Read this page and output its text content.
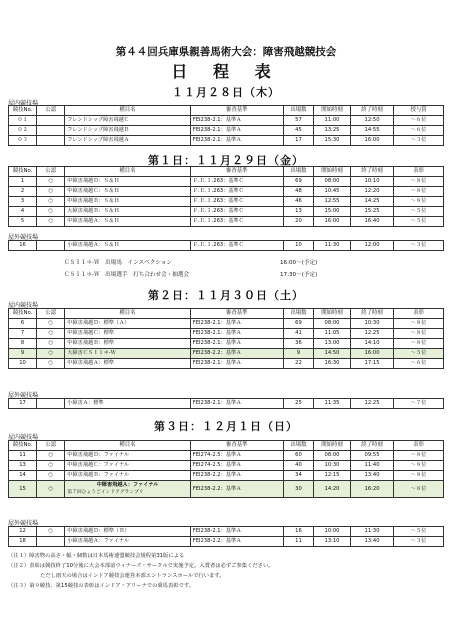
第４４回兵庫県親善馬術大会：障害飛越競技会
日 程 表
１１月２８日（木）
屋内競技場
競技No.	公認	種目名	審査基準	出場数	開始時刻	終了時刻	授与賞
０１		フレンドシップ障害飛越Ｃ	FEI238-2.1：基準Ａ	57	11:00	12:50	～６位
０２		フレンドシップ障害飛越Ｂ	FEI238-2.1：基準Ａ	45	13:25	14:55	～６位
０３		フレンドシップ障害飛越Ａ	FEI238-2.1：基準Ａ	17	15:30	16:00	～３位
第１日：１１月２９日（金）
競技No.	公認	種目名	審査基準	出場数	開始時刻	終了時刻	表彰
1	○	中障害飛越Ｄ：Ｓ＆Ｈ	Ｆ.Ｅ.Ｉ.263：基準Ｃ	69	08:00	10:10	～８位
2	○	中障害飛越Ｃ：Ｓ＆Ｈ	Ｆ.Ｅ.Ｉ.263：基準Ｃ	48	10:45	12:20	～８位
3	○	中障害飛越Ｂ：Ｓ＆Ｈ	Ｆ.Ｅ.Ｉ.263：基準Ｃ	46	12:55	14:25	～８位
4	○	大障害飛越Ｂ：Ｓ＆Ｈ	Ｆ.Ｅ.Ｉ.263：基準Ｃ	13	15:00	15:25	～５位
5	○	中障害飛越Ａ：Ｓ＆Ｈ	Ｆ.Ｅ.Ｉ.263：基準Ｃ	20	16:00	16:40	～５位
屋外競技場
16		小障害飛越Ａ：Ｓ＆Ｈ	Ｆ.Ｅ.Ｉ.263：基準Ｃ	10	11:30	12:00	～３位
ＣＳＩ１＊-Ｗ　出場馬　インスペクション	16:00～(予定)
ＣＳＩ１＊-Ｗ　出場選手　打ち合わせ会・抽選会	17:30～(予定)
第２日：１１月３０日（土）
屋内競技場
競技No.	公認	種目名	審査基準	出場数	開始時刻	終了時刻	表彰
6	○	中障害飛越Ｄ：標準（Ａ）	FEI238-2.1：基準Ａ	69	08:00	10:30	～８位
7	○	中障害飛越Ｃ：標準	FEI238-2.1：基準Ａ	41	11:05	12:25	～８位
8	○	中障害飛越Ｂ：標準	FEI238-2.1：基準Ａ	36	13:00	14:10	～８位
9	○	大障害ＣＳＩ１＊-Ｗ	FEI238-2.2：基準Ａ	9	14:50	16:00	～５位
10	○	中障害飛越Ａ：標準	FEI238-2.1：基準Ａ	22	16:30	17:15	～６位
屋外競技場
17		小障害Ａ：標準	FEI238-2.1：基準Ａ	25	11:35	12:25	～７位
第３日：１２月１日（日）
屋内競技場
競技No.	公認	種目名	審査基準	出場数	開始時刻	終了時刻	表彰
11	○	中障害飛越Ｄ：ファイナル	FEI274-2.5：基準Ａ	60	08:00	09:55	～８位
13	○	中障害飛越Ｃ：ファイナル	FEI274-2.5：基準Ａ	40	10:30	11:40	～８位
14	○	中障害飛越Ｂ：ファイナル	FEI238-2.2：基準Ａ	34	12:15	13:40	～８位
15	○	中障害飛越Ａ：ファイナル
第７回ひょうごインドアグランプリ	FEI238-2.2：基準Ａ	30	14:20	16:20	～８位
屋外競技場
12	○	中障害飛越Ｄ：標準（Ｂ）	FEI238-2.1：基準Ａ	16	10:00	11:30	～５位
18		小障害飛越Ａ：ファイナル	FEI238-2.2：基準Ａ	11	13:10	13:40	～３位
（注１）障害物の高さ・幅・個数は日本馬術連盟競技会規程第31版による
（注２）表彰は競技終了10分後に大会本部前ウィナーズ・サークルで実施予定。入賞者は必ずご参集ください。
ただし雨天の場合はインドア競技会運営本部エントランスホールで行います。
（注３）第９競技、第15競技の表彰はインドア・アリーナでの乗馬表彰です。
